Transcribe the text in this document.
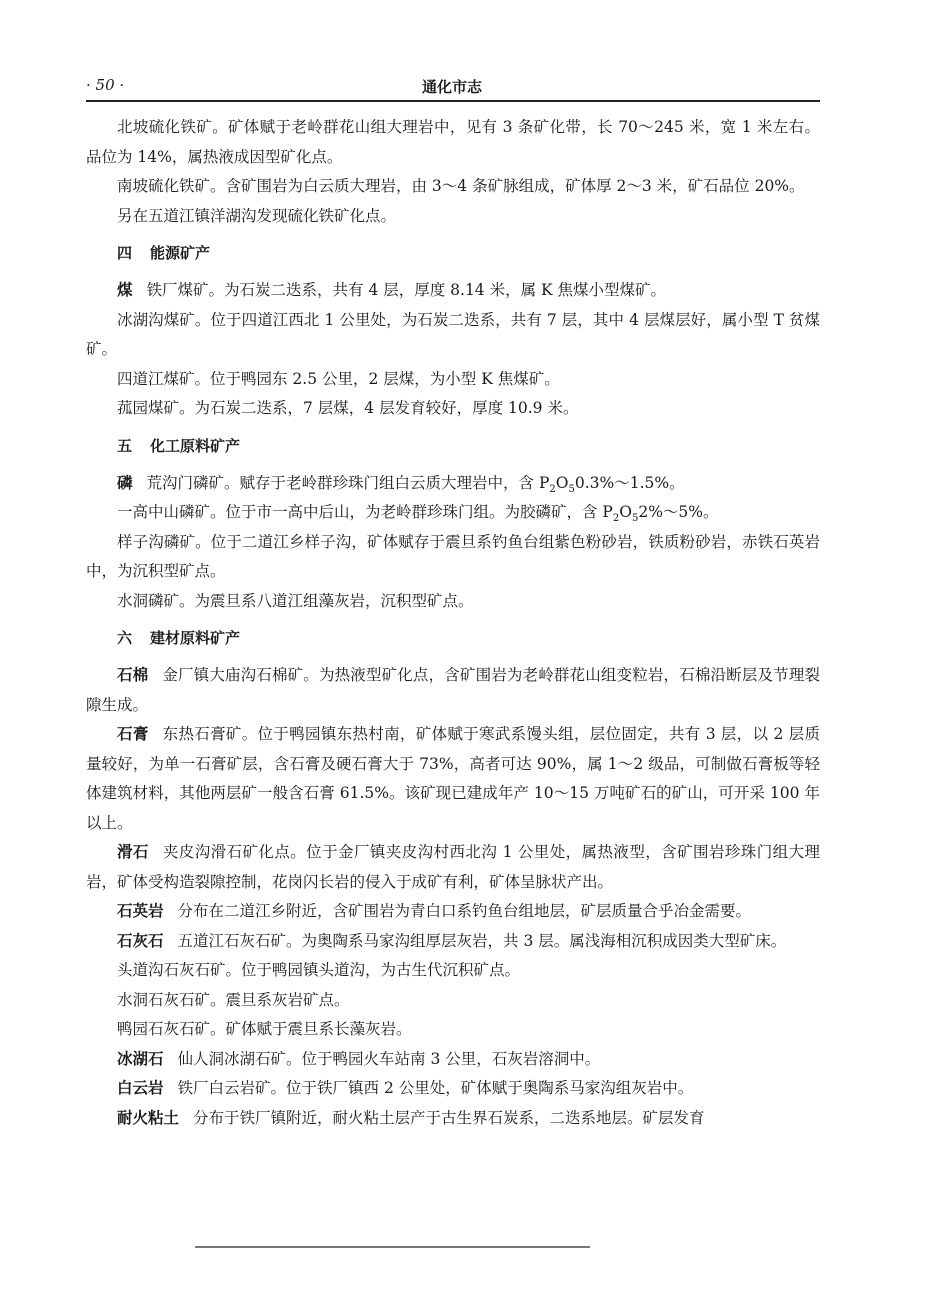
· 50 ·	通化市志

北坡硫化铁矿。矿体赋于老岭群花山组大理岩中，见有 3 条矿化带，长 70～245 米，宽 1 米左右。品位为 14%，属热液成因型矿化点。

南坡硫化铁矿。含矿围岩为白云质大理岩，由 3～4 条矿脉组成，矿体厚 2～3 米，矿石品位 20%。

另在五道江镇洋湖沟发现硫化铁矿化点。

四 能源矿产

煤 铁厂煤矿。为石炭二迭系，共有 4 层，厚度 8.14 米，属 K 焦煤小型煤矿。

冰湖沟煤矿。位于四道江西北 1 公里处，为石炭二迭系，共有 7 层，其中 4 层煤层好，属小型 T 贫煤矿。

四道江煤矿。位于鸭园东 2.5 公里，2 层煤，为小型 K 焦煤矿。

菰园煤矿。为石炭二迭系，7 层煤，4 层发育较好，厚度 10.9 米。

五 化工原料矿产

磷 荒沟门磷矿。赋存于老岭群珍珠门组白云质大理岩中，含 $P_2O_50.3\%\sim 1.5\%$。

一高中山磷矿。位于市一高中后山，为老岭群珍珠门组。为胶磷矿，含 $P_2O_52\%\sim 5\%$。

样子沟磷矿。位于二道江乡样子沟，矿体赋存于震旦系钓鱼台组紫色粉砂岩，铁质粉砂岩，赤铁石英岩中，为沉积型矿点。

水洞磷矿。为震旦系八道江组藻灰岩，沉积型矿点。

六 建材原料矿产

石棉 金厂镇大庙沟石棉矿。为热液型矿化点，含矿围岩为老岭群花山组变粒岩，石棉沿断层及节理裂隙生成。

石膏 东热石膏矿。位于鸭园镇东热村南，矿体赋于寒武系馒头组，层位固定，共有 3 层，以 2 层质量较好，为单一石膏矿层，含石膏及硬石膏大于 73%，高者可达 90%，属 1～2 级品，可制做石膏板等轻体建筑材料，其他两层矿一般含石膏 61.5%。该矿现已建成年产 10～15 万吨矿石的矿山，可开采 100 年以上。

滑石 夹皮沟滑石矿化点。位于金厂镇夹皮沟村西北沟 1 公里处，属热液型，含矿围岩珍珠门组大理岩，矿体受构造裂隙控制，花岗闪长岩的侵入于成矿有利，矿体呈脉状产出。

石英岩 分布在二道江乡附近，含矿围岩为青白口系钓鱼台组地层，矿层质量合乎冶金需要。

石灰石 五道江石灰石矿。为奥陶系马家沟组厚层灰岩，共 3 层。属浅海相沉积成因类大型矿床。

头道沟石灰石矿。位于鸭园镇头道沟，为古生代沉积矿点。

水洞石灰石矿。震旦系灰岩矿点。

鸭园石灰石矿。矿体赋于震旦系长藻灰岩。

冰湖石 仙人洞冰湖石矿。位于鸭园火车站南 3 公里，石灰岩溶洞中。

白云岩 铁厂白云岩矿。位于铁厂镇西 2 公里处，矿体赋于奥陶系马家沟组灰岩中。

耐火粘土 分布于铁厂镇附近，耐火粘土层产于古生界石炭系，二迭系地层。矿层发育
